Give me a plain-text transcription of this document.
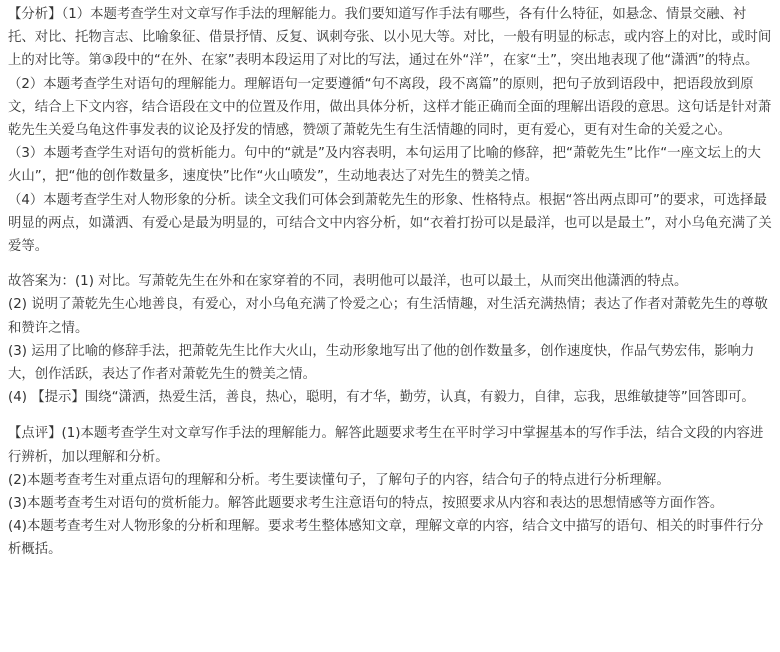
【分析】（1）本题考查学生对文章写作手法的理解能力。我们要知道写作手法有哪些，各有什么特征，如悬念、情景交融、衬托、对比、托物言志、比喻象征、借景抒情、反复、讽刺夸张、以小见大等。对比，一般有明显的标志，或内容上的对比，或时间上的对比等。第③段中的“在外、在家”表明本段运用了对比的写法，通过在外“洋”，在家“土”，突出地表现了他“潇洒”的特点。

（2）本题考查学生对语句的理解能力。理解语句一定要遵循“句不离段，段不离篇”的原则，把句子放到语段中，把语段放到原文，结合上下文内容，结合语段在文中的位置及作用，做出具体分析，这样才能正确而全面的理解出语段的意思。这句话是针对萧乾先生关爱乌龟这件事发表的议论及抒发的情感，赞颂了萧乾先生有生活情趣的同时，更有爱心，更有对生命的关爱之心。

（3）本题考查学生对语句的赏析能力。句中的“就是”及内容表明，本句运用了比喻的修辞，把“萧乾先生”比作“一座文坛上的大火山”，把“他的创作数量多，速度快”比作“火山喷发”，生动地表达了对先生的赞美之情。

（4）本题考查学生对人物形象的分析。读全文我们可体会到萧乾先生的形象、性格特点。根据“答出两点即可”的要求，可选择最明显的两点，如潇洒、有爱心是最为明显的，可结合文中内容分析，如“衣着打扮可以是最洋，也可以是最土”，对小乌龟充满了关爱等。

故答案为：(1) 对比。写萧乾先生在外和在家穿着的不同，表明他可以最洋，也可以最土，从而突出他潇洒的特点。

(2) 说明了萧乾先生心地善良，有爱心，对小乌龟充满了怜爱之心；有生活情趣，对生活充满热情；表达了作者对萧乾先生的尊敬和赞许之情。

(3) 运用了比喻的修辞手法，把萧乾先生比作大火山，生动形象地写出了他的创作数量多，创作速度快，作品气势宏伟，影响力大，创作活跃，表达了作者对萧乾先生的赞美之情。

(4) 【提示】围绕“潇洒，热爱生活，善良，热心，聪明，有才华，勤劳，认真，有毅力，自律，忘我，思维敏捷等”回答即可。

【点评】(1)本题考查学生对文章写作手法的理解能力。解答此题要求考生在平时学习中掌握基本的写作手法，结合文段的内容进行辨析，加以理解和分析。

(2)本题考查考生对重点语句的理解和分析。考生要读懂句子，了解句子的内容，结合句子的特点进行分析理解。

(3)本题考查考生对语句的赏析能力。解答此题要求考生注意语句的特点，按照要求从内容和表达的思想情感等方面作答。

(4)本题考查考生对人物形象的分析和理解。要求考生整体感知文章，理解文章的内容，结合文中描写的语句、相关的时事件行分析概括。
